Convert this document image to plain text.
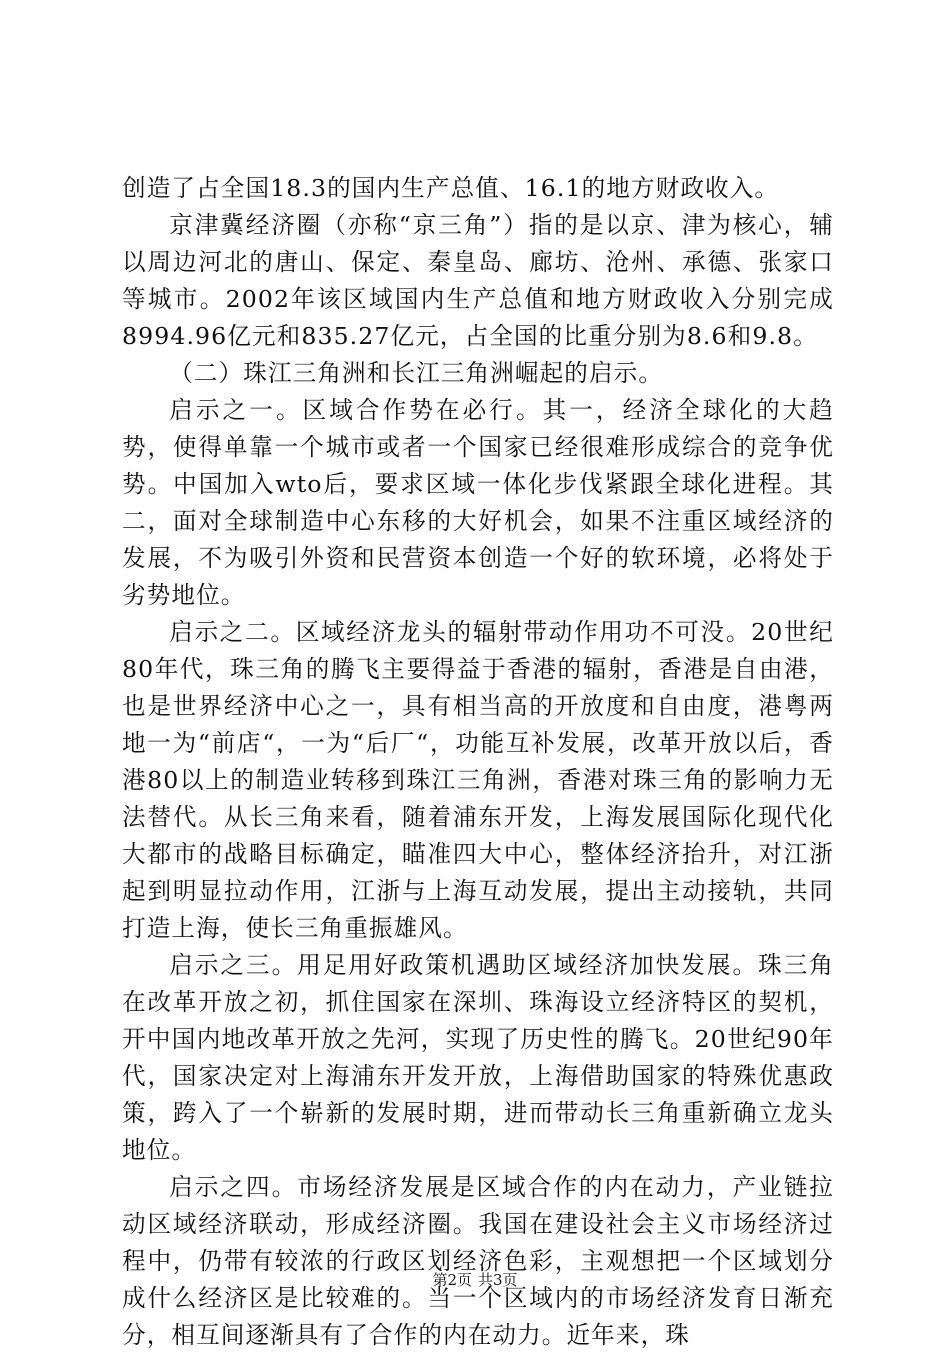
创造了占全国18.3的国内生产总值、16.1的地方财政收入。

京津冀经济圈（亦称“京三角”）指的是以京、津为核心，辅以周边河北的唐山、保定、秦皇岛、廊坊、沧州、承德、张家口等城市。2002年该区域国内生产总值和地方财政收入分别完成8994.96亿元和835.27亿元，占全国的比重分别为8.6和9.8。

（二）珠江三角洲和长江三角洲崛起的启示。

启示之一。区域合作势在必行。其一，经济全球化的大趋势，使得单靠一个城市或者一个国家已经很难形成综合的竞争优势。中国加入wto后，要求区域一体化步伐紧跟全球化进程。其二，面对全球制造中心东移的大好机会，如果不注重区域经济的发展，不为吸引外资和民营资本创造一个好的软环境，必将处于劣势地位。

启示之二。区域经济龙头的辐射带动作用功不可没。20世纪80年代，珠三角的腾飞主要得益于香港的辐射，香港是自由港，也是世界经济中心之一，具有相当高的开放度和自由度，港粤两地一为“前店“，一为“后厂“，功能互补发展，改革开放以后，香港80以上的制造业转移到珠江三角洲，香港对珠三角的影响力无法替代。从长三角来看，随着浦东开发，上海发展国际化现代化大都市的战略目标确定，瞄准四大中心，整体经济抬升，对江浙起到明显拉动作用，江浙与上海互动发展，提出主动接轨，共同打造上海，使长三角重振雄风。

启示之三。用足用好政策机遇助区域经济加快发展。珠三角在改革开放之初，抓住国家在深圳、珠海设立经济特区的契机，开中国内地改革开放之先河，实现了历史性的腾飞。20世纪90年代，国家决定对上海浦东开发开放，上海借助国家的特殊优惠政策，跨入了一个崭新的发展时期，进而带动长三角重新确立龙头地位。

启示之四。市场经济发展是区域合作的内在动力，产业链拉动区域经济联动，形成经济圈。我国在建设社会主义市场经济过程中，仍带有较浓的行政区划经济色彩，主观想把一个区域划分成什么经济区是比较难的。当一个区域内的市场经济发育日渐充分，相互间逐渐具有了合作的内在动力。近年来，珠

第2页 共3页
